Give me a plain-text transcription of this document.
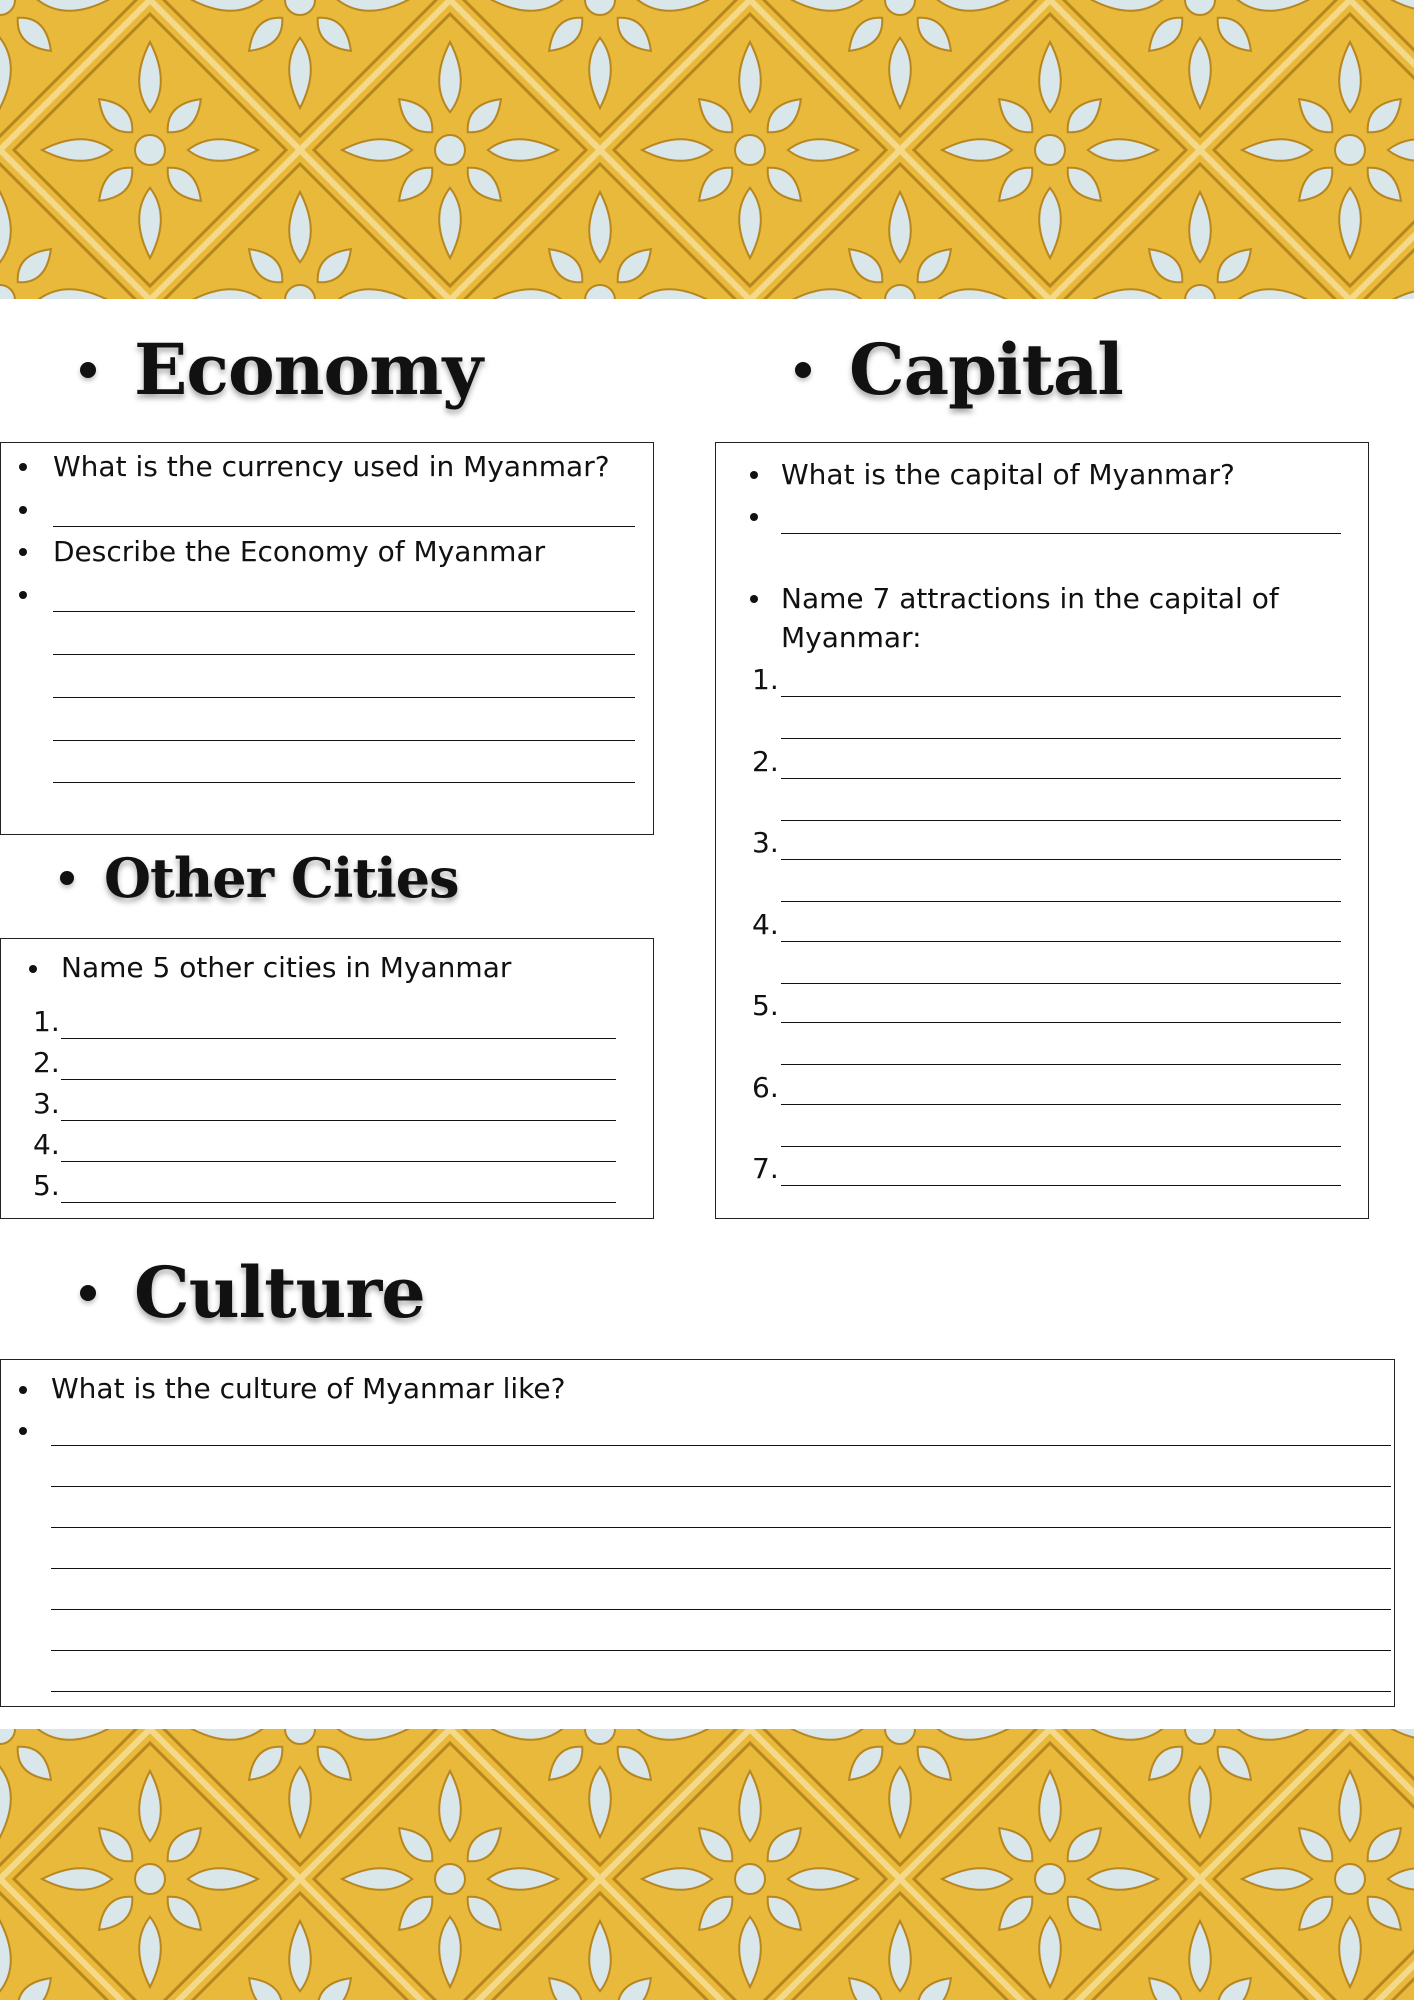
Economy	Capital
What is the currency used in Myanmar?
Describe the Economy of Myanmar
What is the capital of Myanmar?
Name 7 attractions in the capital of
Myanmar:
1.
2.
3.
4.
5.
6.
7.
Other Cities
Name 5 other cities in Myanmar
1.
2.
3.
4.
5.
Culture
What is the culture of Myanmar like?
